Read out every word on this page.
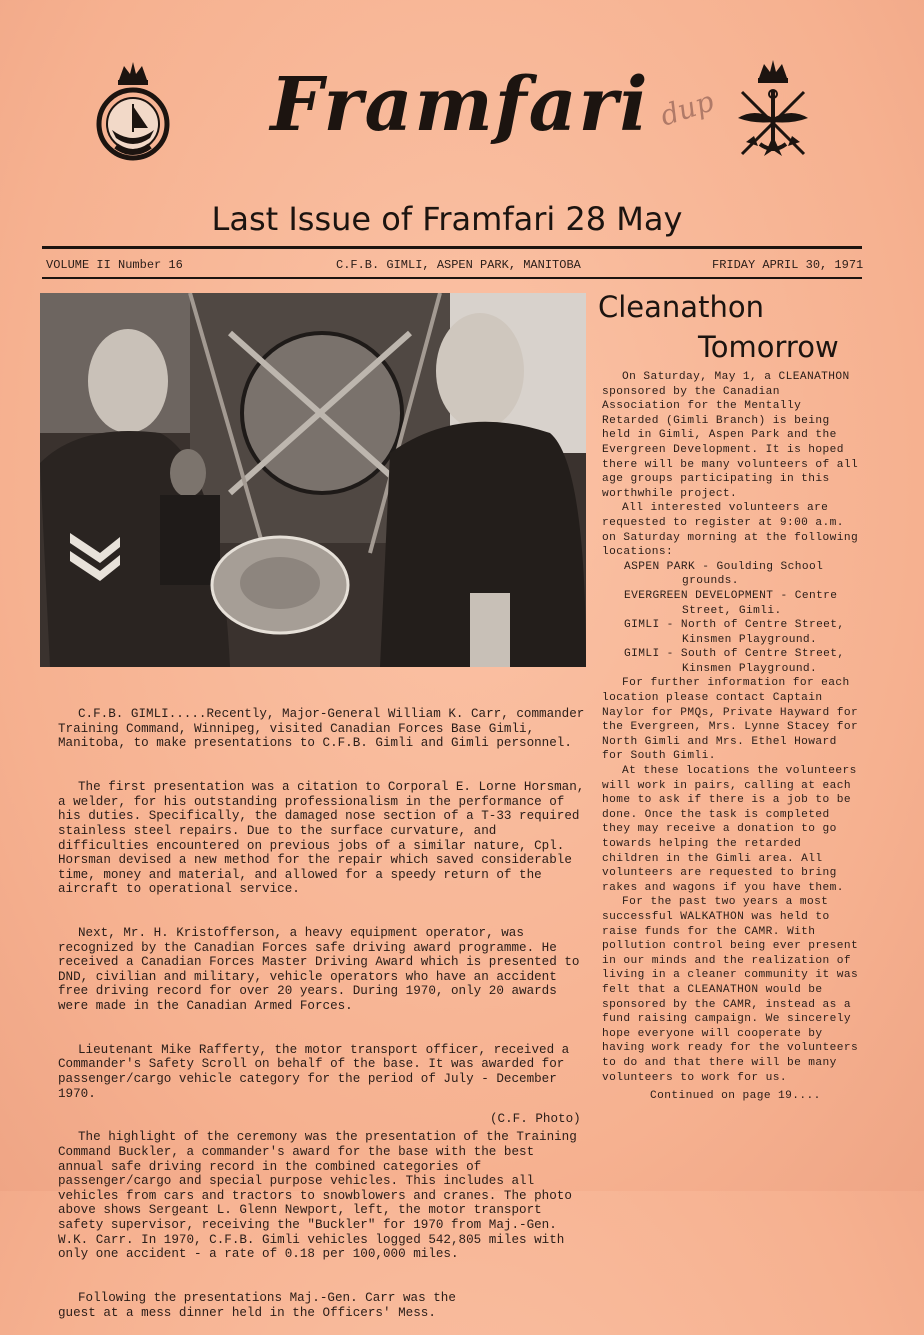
Framfari dup
Last Issue of Framfari 28 May
VOLUME II Number 16	C.F.B. GIMLI, ASPEN PARK, MANITOBA	FRIDAY APRIL 30, 1971

C.F.B. GIMLI.....Recently, Major-General William K. Carr, commander Training Command, Winnipeg, visited Canadian Forces Base Gimli, Manitoba, to make presentations to C.F.B. Gimli and Gimli personnel.

The first presentation was a citation to Corporal E. Lorne Horsman, a welder, for his outstanding professionalism in the performance of his duties. Specifically, the damaged nose section of a T-33 required stainless steel repairs. Due to the surface curvature, and difficulties encountered on previous jobs of a similar nature, Cpl. Horsman devised a new method for the repair which saved considerable time, money and material, and allowed for a speedy return of the aircraft to operational service.

Next, Mr. H. Kristofferson, a heavy equipment operator, was recognized by the Canadian Forces safe driving award programme. He received a Canadian Forces Master Driving Award which is presented to DND, civilian and military, vehicle operators who have an accident free driving record for over 20 years. During 1970, only 20 awards were made in the Canadian Armed Forces.

Lieutenant Mike Rafferty, the motor transport officer, received a Commander's Safety Scroll on behalf of the base. It was awarded for passenger/cargo vehicle category for the period of July - December 1970.

The highlight of the ceremony was the presentation of the Training Command Buckler, a commander's award for the base with the best annual safe driving record in the combined categories of passenger/cargo and special purpose vehicles. This includes all vehicles from cars and tractors to snowblowers and cranes. The photo above shows Sergeant L. Glenn Newport, left, the motor transport safety supervisor, receiving the "Buckler" for 1970 from Maj.-Gen. W.K. Carr. In 1970, C.F.B. Gimli vehicles logged 542,805 miles with only one accident - a rate of 0.18 per 100,000 miles.

Following the presentations Maj.-Gen. Carr was the guest at a mess dinner held in the Officers' Mess.

(C.F. Photo)
Cleanathon
Tomorrow

On Saturday, May 1, a CLEANATHON sponsored by the Canadian Association for the Mentally Retarded (Gimli Branch) is being held in Gimli, Aspen Park and the Evergreen Development. It is hoped there will be many volunteers of all age groups participating in this worthwhile project.

All interested volunteers are requested to register at 9:00 a.m. on Saturday morning at the following locations:

ASPEN PARK - Goulding School
grounds.
EVERGREEN DEVELOPMENT - Centre
Street, Gimli.
GIMLI - North of Centre Street,
Kinsmen Playground.
GIMLI - South of Centre Street,
Kinsmen Playground.

For further information for each location please contact Captain Naylor for PMQs, Private Hayward for the Evergreen, Mrs. Lynne Stacey for North Gimli and Mrs. Ethel Howard for South Gimli.

At these locations the volunteers will work in pairs, calling at each home to ask if there is a job to be done. Once the task is completed they may receive a donation to go towards helping the retarded children in the Gimli area. All volunteers are requested to bring rakes and wagons if you have them.

For the past two years a most successful WALKATHON was held to raise funds for the CAMR. With pollution control being ever present in our minds and the realization of living in a cleaner community it was felt that a CLEANATHON would be sponsored by the CAMR, instead as a fund raising campaign. We sincerely hope everyone will cooperate by having work ready for the volunteers to do and that there will be many volunteers to work for us.

Continued on page 19....
